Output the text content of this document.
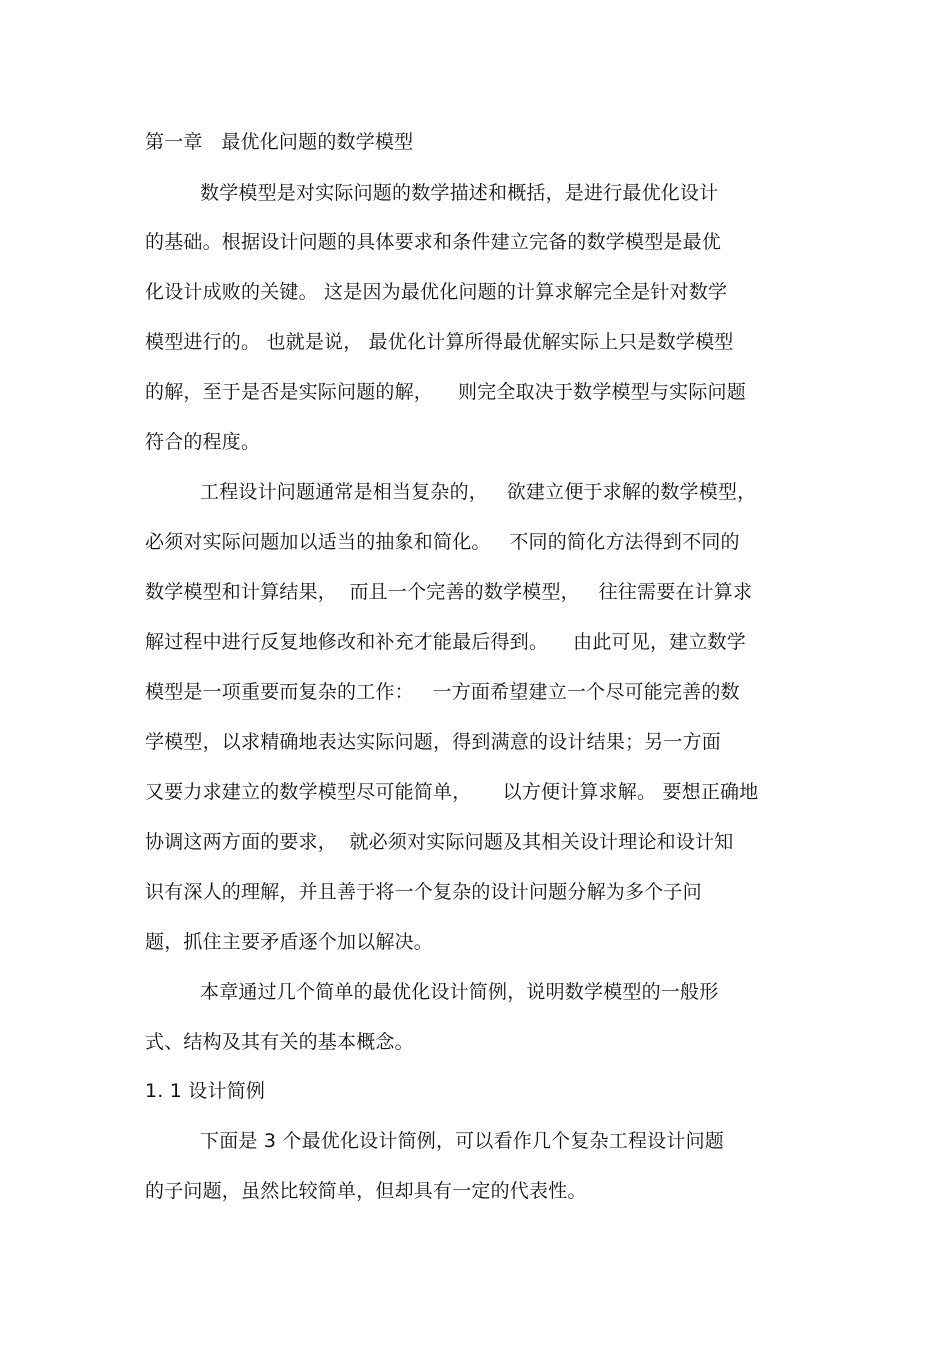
第一章   最优化问题的数学模型
数学模型是对实际问题的数学描述和概括，是进行最优化设计
的基础。根据设计问题的具体要求和条件建立完备的数学模型是最优
化设计成败的关键。 这是因为最优化问题的计算求解完全是针对数学
模型进行的。 也就是说， 最优化计算所得最优解实际上只是数学模型
的解，至于是否是实际问题的解，    则完全取决于数学模型与实际问题
符合的程度。
工程设计问题通常是相当复杂的，   欲建立便于求解的数学模型，
必须对实际问题加以适当的抽象和简化。   不同的简化方法得到不同的
数学模型和计算结果，  而且一个完善的数学模型，   往往需要在计算求
解过程中进行反复地修改和补充才能最后得到。    由此可见，建立数学
模型是一项重要而复杂的工作：   一方面希望建立一个尽可能完善的数
学模型，以求精确地表达实际问题，得到满意的设计结果；另一方面
又要力求建立的数学模型尽可能简单，     以方便计算求解。 要想正确地
协调这两方面的要求，  就必须对实际问题及其相关设计理论和设计知
识有深人的理解，并且善于将一个复杂的设计问题分解为多个子问
题，抓住主要矛盾逐个加以解决。
本章通过几个简单的最优化设计简例，说明数学模型的一般形
式、结构及其有关的基本概念。
1. 1 设计简例
下面是 3 个最优化设计简例，可以看作几个复杂工程设计问题
的子问题，虽然比较简单，但却具有一定的代表性。
